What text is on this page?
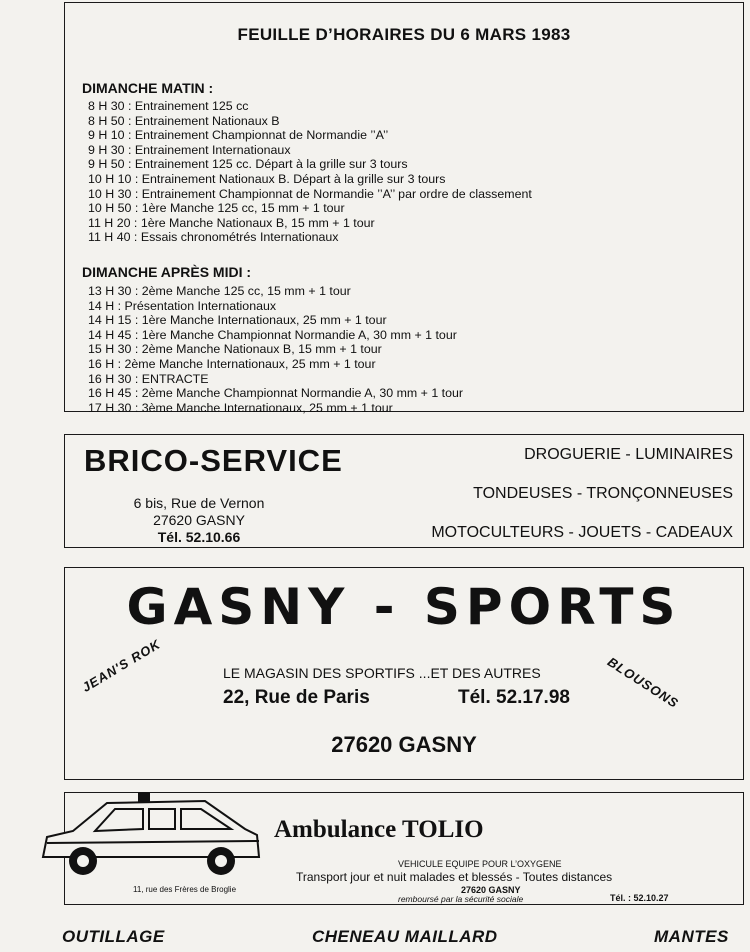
FEUILLE D’HORAIRES DU 6 MARS 1983
DIMANCHE MATIN :
8 H 30 : Entrainement 125 cc
8 H 50 : Entrainement Nationaux B
9 H 10 : Entrainement Championnat de Normandie ’’A’’
9 H 30 : Entrainement Internationaux
9 H 50 : Entrainement 125 cc. Départ à la grille sur 3 tours
10 H 10 : Entrainement Nationaux B. Départ à la grille sur 3 tours
10 H 30 : Entrainement Championnat de Normandie ’’A’’ par ordre de classement
10 H 50 : 1ère Manche 125 cc, 15 mm + 1 tour
11 H 20 : 1ère Manche Nationaux B, 15 mm + 1 tour
11 H 40 : Essais chronométrés Internationaux
DIMANCHE APRÈS MIDI :
13 H 30 : 2ème Manche 125 cc, 15 mm + 1 tour
14 H : Présentation Internationaux
14 H 15 : 1ère Manche Internationaux, 25 mm + 1 tour
14 H 45 : 1ère Manche Championnat Normandie A, 30 mm + 1 tour
15 H 30 : 2ème Manche Nationaux B, 15 mm + 1 tour
16 H : 2ème Manche Internationaux, 25 mm + 1 tour
16 H 30 : ENTRACTE
16 H 45 : 2ème Manche Championnat Normandie A, 30 mm + 1 tour
17 H 30 : 3ème Manche Internationaux, 25 mm + 1 tour
BRICO-SERVICE
6 bis, Rue de Vernon
27620 GASNY
Tél. 52.10.66
DROGUERIE - LUMINAIRES
TONDEUSES - TRONÇONNEUSES
MOTOCULTEURS - JOUETS - CADEAUX
GASNY - SPORTS
JEAN'S ROK	BLOUSONS
LE MAGASIN DES SPORTIFS ...ET DES AUTRES
22, Rue de Paris	Tél. 52.17.98
27620 GASNY
11, rue des Frères de Broglie
Ambulance TOLIO
VEHICULE EQUIPE POUR L’OXYGENE
Transport jour et nuit malades et blessés - Toutes distances
27620 GASNY
remboursé par la sécurité sociale	Tél. : 52.10.27
OUTILLAGE	CHENEAU MAILLARD	MANTES
